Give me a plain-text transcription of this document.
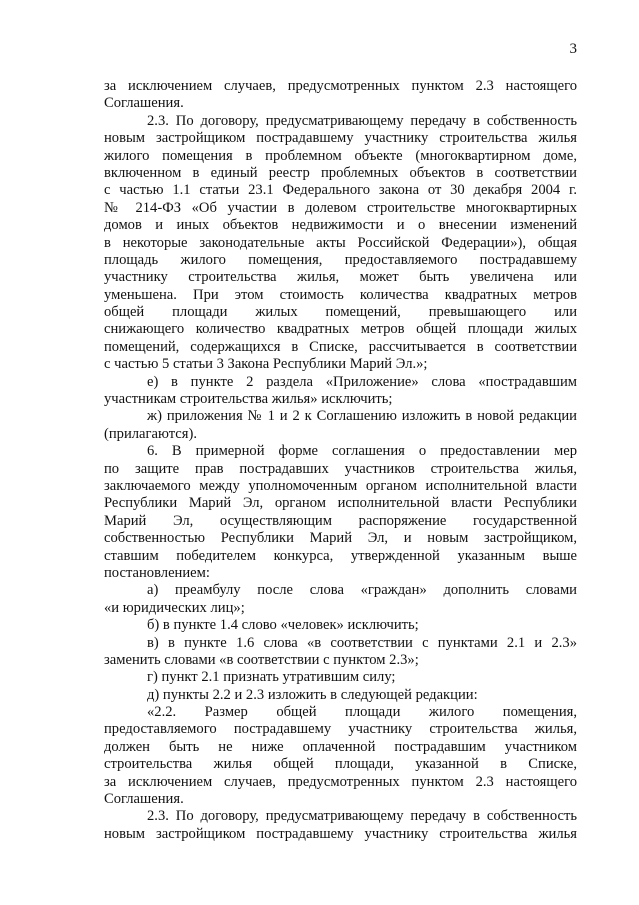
3
за исключением случаев, предусмотренных пунктом 2.3 настоящего
Соглашения.
2.3. По договору, предусматривающему передачу в собственность
новым застройщиком пострадавшему участнику строительства жилья
жилого помещения в проблемном объекте (многоквартирном доме,
включенном в единый реестр проблемных объектов в соответствии
с частью 1.1 статьи 23.1 Федерального закона от 30 декабря 2004 г.
№ 214-ФЗ «Об участии в долевом строительстве многоквартирных
домов и иных объектов недвижимости и о внесении изменений
в некоторые законодательные акты Российской Федерации»), общая
площадь жилого помещения, предоставляемого пострадавшему
участнику строительства жилья, может быть увеличена или
уменьшена. При этом стоимость количества квадратных метров
общей площади жилых помещений, превышающего или
снижающего количество квадратных метров общей площади жилых
помещений, содержащихся в Списке, рассчитывается в соответствии
с частью 5 статьи 3 Закона Республики Марий Эл.»;
е) в пункте 2 раздела «Приложение» слова «пострадавшим
участникам строительства жилья» исключить;
ж) приложения № 1 и 2 к Соглашению изложить в новой редакции
(прилагаются).
6. В примерной форме соглашения о предоставлении мер
по защите прав пострадавших участников строительства жилья,
заключаемого между уполномоченным органом исполнительной власти
Республики Марий Эл, органом исполнительной власти Республики
Марий Эл, осуществляющим распоряжение государственной
собственностью Республики Марий Эл, и новым застройщиком,
ставшим победителем конкурса, утвержденной указанным выше
постановлением:
а) преамбулу после слова «граждан» дополнить словами
«и юридических лиц»;
б) в пункте 1.4 слово «человек» исключить;
в) в пункте 1.6 слова «в соответствии с пунктами 2.1 и 2.3»
заменить словами «в соответствии с пунктом 2.3»;
г) пункт 2.1 признать утратившим силу;
д) пункты 2.2 и 2.3 изложить в следующей редакции:
«2.2. Размер общей площади жилого помещения,
предоставляемого пострадавшему участнику строительства жилья,
должен быть не ниже оплаченной пострадавшим участником
строительства жилья общей площади, указанной в Списке,
за исключением случаев, предусмотренных пунктом 2.3 настоящего
Соглашения.
2.3. По договору, предусматривающему передачу в собственность
новым застройщиком пострадавшему участнику строительства жилья
